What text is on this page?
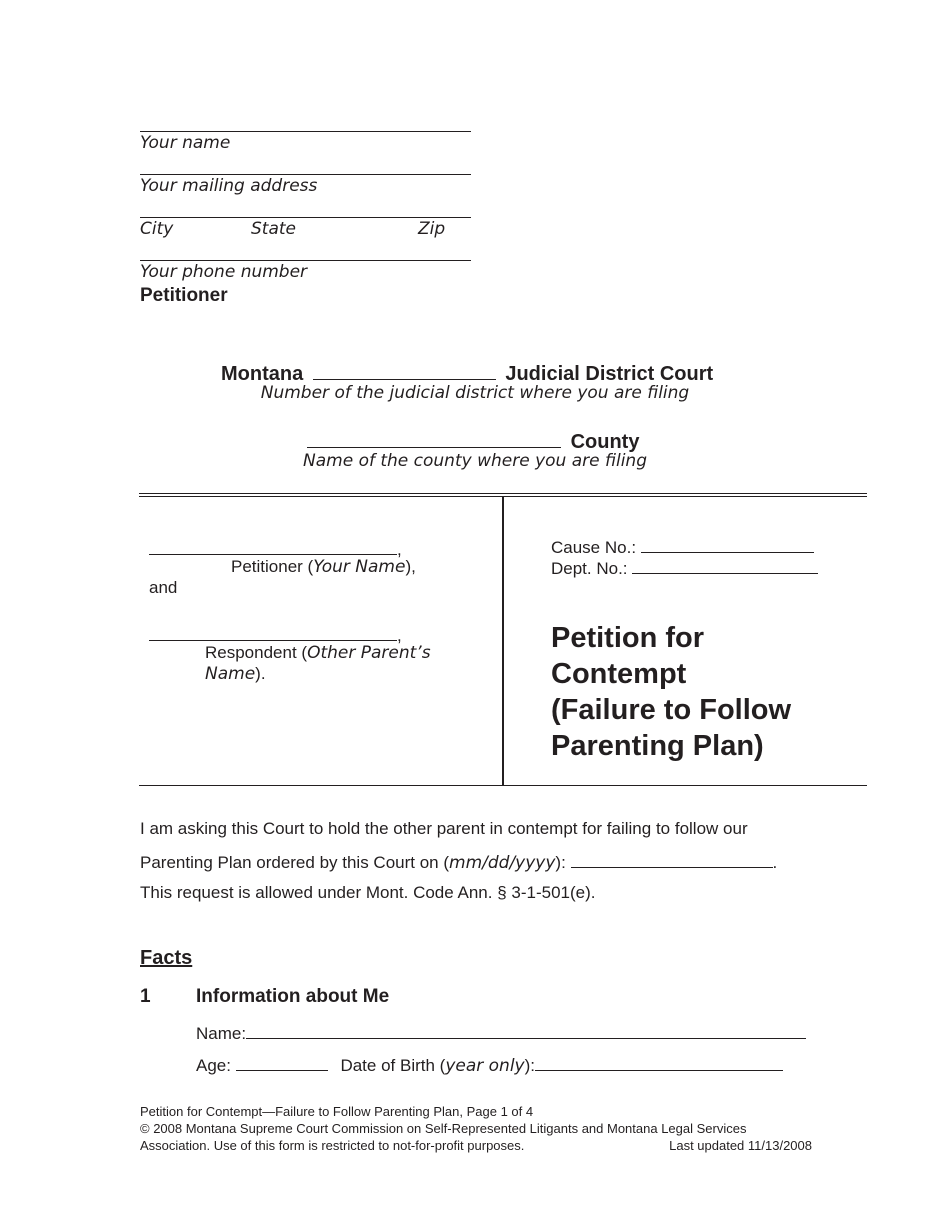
Your name
Your mailing address
City	State	Zip
Your phone number
Petitioner
Montana	Judicial District Court
Number of the judicial district where you are filing
County
Name of the county where you are filing
,
Petitioner (Your Name),
and
,
Respondent (Other Parent’s
Name).
Cause No.:
Dept. No.:
Petition for
Contempt
(Failure to Follow
Parenting Plan)
I am asking this Court to hold the other parent in contempt for failing to follow our
Parenting Plan ordered by this Court on (mm/dd/yyyy):	.
This request is allowed under Mont. Code Ann. § 3-1-501(e).
Facts
1 Information about Me
Name:
Age:	Date of Birth (year only):
Petition for Contempt—Failure to Follow Parenting Plan, Page 1 of 4
© 2008 Montana Supreme Court Commission on Self-Represented Litigants and Montana Legal Services
Association. Use of this form is restricted to not-for-profit purposes.	Last updated 11/13/2008
